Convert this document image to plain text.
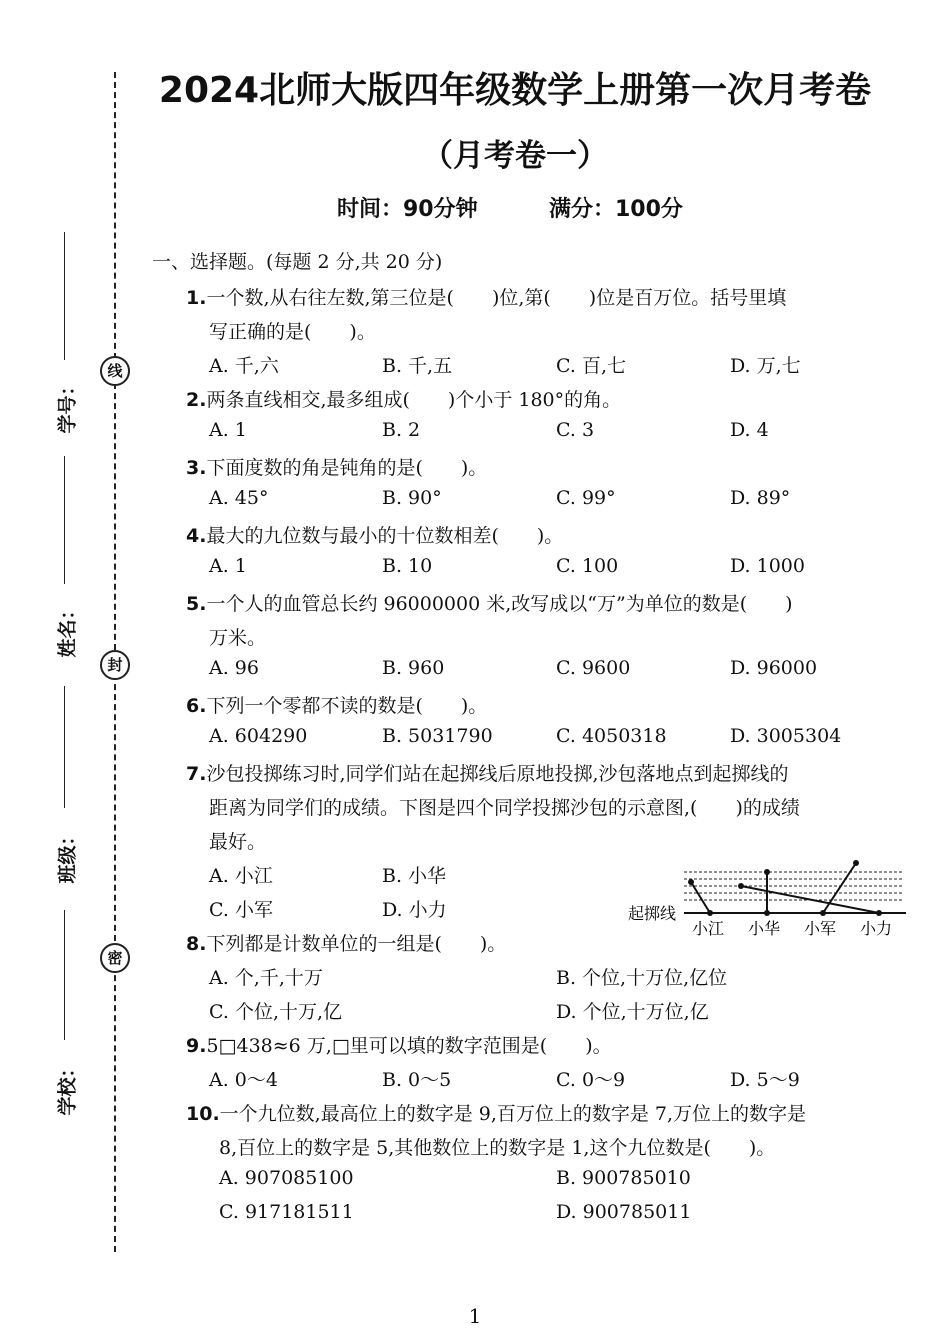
2024北师大版四年级数学上册第一次月考卷
（月考卷一）
时间：90分钟	满分：100分
线
封
密
学号：
姓名：
班级：
学校：
一、选择题。(每题 2 分,共 20 分)
1.一个数,从右往左数,第三位是(　　)位,第(　　)位是百万位。括号里填
写正确的是(　　)。
A. 千,六	B. 千,五	C. 百,七	D. 万,七
2.两条直线相交,最多组成(　　)个小于 180°的角。
A. 1	B. 2	C. 3	D. 4
3.下面度数的角是钝角的是(　　)。
A. 45°	B. 90°	C. 99°	D. 89°
4.最大的九位数与最小的十位数相差(　　)。
A. 1	B. 10	C. 100	D. 1000
5.一个人的血管总长约 96000000 米,改写成以“万”为单位的数是(　　)
万米。
A. 96	B. 960	C. 9600	D. 96000
6.下列一个零都不读的数是(　　)。
A. 604290	B. 5031790	C. 4050318	D. 3005304
7.沙包投掷练习时,同学们站在起掷线后原地投掷,沙包落地点到起掷线的
距离为同学们的成绩。下图是四个同学投掷沙包的示意图,(　　)的成绩
最好。
A. 小江	B. 小华
C. 小军	D. 小力	起掷线
小江 小华 小军 小力
8.下列都是计数单位的一组是(　　)。
A. 个,千,十万	B. 个位,十万位,亿位
C. 个位,十万,亿	D. 个位,十万位,亿
9.5□438≈6 万,□里可以填的数字范围是(　　)。
A. 0～4	B. 0～5	C. 0～9	D. 5～9
10.一个九位数,最高位上的数字是 9,百万位上的数字是 7,万位上的数字是
8,百位上的数字是 5,其他数位上的数字是 1,这个九位数是(　　)。
A. 907085100	B. 900785010
C. 917181511	D. 900785011
1
